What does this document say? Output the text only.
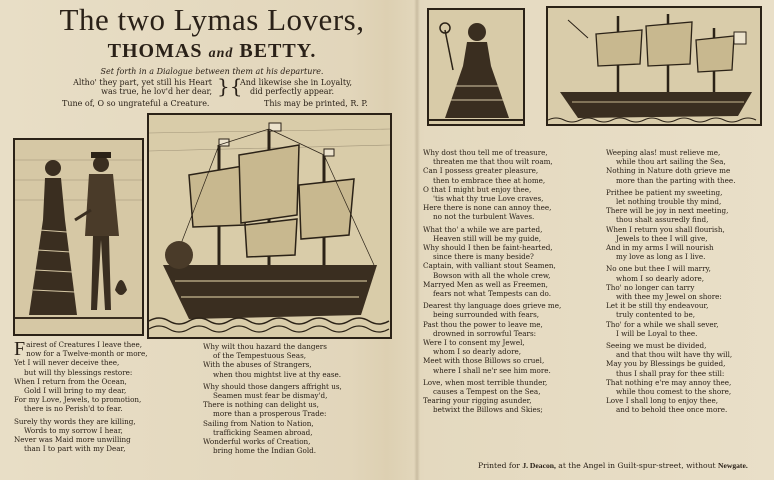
The two Lymas Lovers,
THOMAS and BETTY.
Set forth in a Dialogue between them at his departure.
Altho' they part, yet still his Heart
was true, he lov'd her dear, }{
And likewise she in Loyalty,
did perfectly appear.
Tune of, O so ungrateful a Creature.	This may be printed, R. P.
F airest of Creatures I leave thee,
now for a Twelve-month or more,
Yet I will never deceive thee,
but will thy blessings restore:
When I return from the Ocean,
Gold I will bring to my dear,
For my Love, Jewels, to promotion,
there is no Perish'd to fear.
Surely thy words they are killing,
Words to my sorrow I hear,
Never was Maid more unwilling
than I to part with my Dear,
Why wilt thou hazard the dangers
of the Tempestuous Seas,
With the abuses of Strangers,
when thou mightst live at thy ease.
Why should those dangers affright us,
Seamen must fear be dismay'd,
There is nothing can delight us,
more than a prosperous Trade:
Sailing from Nation to Nation,
trafficking Seamen abroad,
Wonderful works of Creation,
bring home the Indian Gold.
Why dost thou tell me of treasure,
threaten me that thou wilt roam,
Can I possess greater pleasure,
then to embrace thee at home,
O that I might but enjoy thee,
'tis what thy true Love craves,
Here there is none can annoy thee,
no not the turbulent Waves.
What tho' a while we are parted,
Heaven still will be my guide,
Why should I then be faint-hearted,
since there is many beside?
Captain, with valliant stout Seamen,
Bowson with all the whole crew,
Marryed Men as well as Freemen,
fears not what Tempests can do.
Dearest thy language does grieve me,
being surrounded with fears,
Past thou the power to leave me,
drowned in sorrowful Tears:
Were I to consent my Jewel,
whom I so dearly adore,
Meet with those Billows so cruel,
where I shall ne'r see him more.
Love, when most terrible thunder,
causes a Tempest on the Sea,
Tearing your rigging asunder,
betwixt the Billows and Skies;
Weeping alas! must relieve me,
while thou art sailing the Sea,
Nothing in Nature doth grieve me
more than the parting with thee.
Prithee be patient my sweeting,
let nothing trouble thy mind,
There will be joy in next meeting,
thou shalt assuredly find,
When I return you shall flourish,
Jewels to thee I will give,
And in my arms I will nourish
my love as long as I live.
No one but thee I will marry,
whom I so dearly adore,
Tho' no longer can tarry
with thee my Jewel on shore:
Let it be still thy endeavour,
truly contented to be,
Tho' for a while we shall sever,
I will be Loyal to thee.
Seeing we must be divided,
and that thou wilt have thy will,
May you by Blessings be guided,
thus I shall pray for thee still:
That nothing e're may annoy thee,
while thou comest to the shore,
Love I shall long to enjoy thee,
and to behold thee once more.
Printed for J. Deacon, at the Angel in Guilt-spur-street, without Newgate.
